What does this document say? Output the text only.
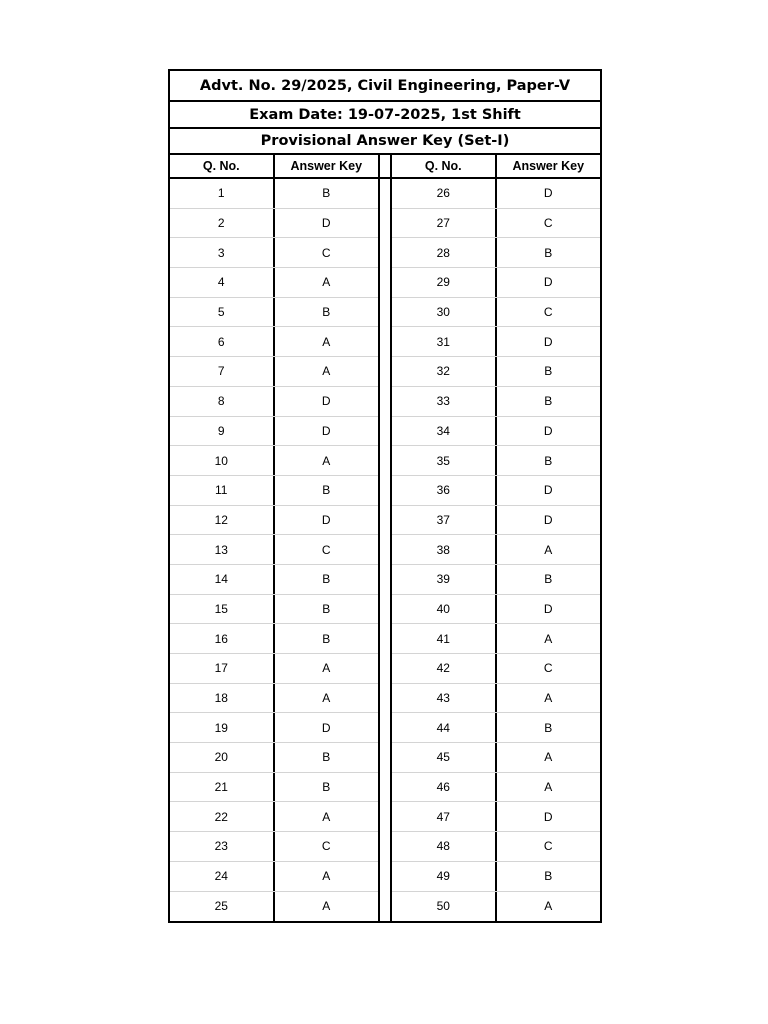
Advt. No. 29/2025, Civil Engineering, Paper-V
Exam Date: 19-07-2025, 1st Shift
Provisional Answer Key (Set-I)
Q. No.	Answer Key
1	B
2	D
3	C
4	A
5	B
6	A
7	A
8	D
9	D
10	A
11	B
12	D
13	C
14	B
15	B
16	B
17	A
18	A
19	D
20	B
21	B
22	A
23	C
24	A
25	A
Q. No.	Answer Key
26	D
27	C
28	B
29	D
30	C
31	D
32	B
33	B
34	D
35	B
36	D
37	D
38	A
39	B
40	D
41	A
42	C
43	A
44	B
45	A
46	A
47	D
48	C
49	B
50	A
